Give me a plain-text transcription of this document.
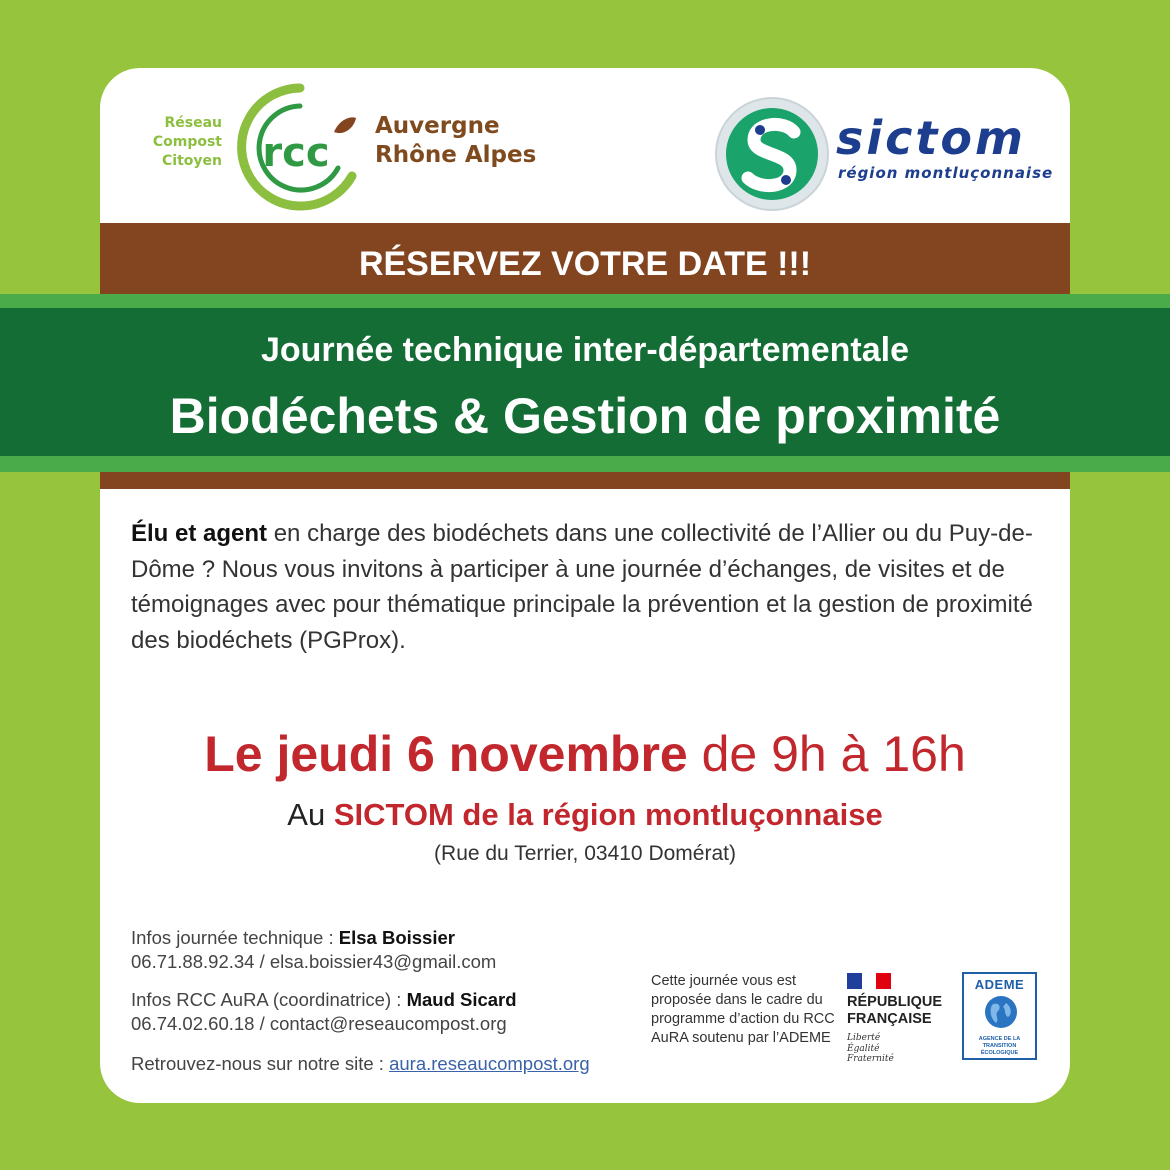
Réseau
Compost
Citoyen rcc
Auvergne
Rhône Alpes	sictom
région montluçonnaise
RÉSERVEZ VOTRE DATE !!!
Élu et agent en charge des biodéchets dans une collectivité de l’Allier ou du Puy-de-Dôme ? Nous vous invitons à participer à une journée d’échanges, de visites et de témoignages avec pour thématique principale la prévention et la gestion de proximité des biodéchets (PGProx).
Le jeudi 6 novembre de 9h à 16h
Au SICTOM de la région montluçonnaise
(Rue du Terrier, 03410 Domérat)
Infos journée technique : Elsa Boissier
06.71.88.92.34 / elsa.boissier43@gmail.com
Infos RCC AuRA (coordinatrice) : Maud Sicard
06.74.02.60.18 / contact@reseaucompost.org
Retrouvez-nous sur notre site : aura.reseaucompost.org
Cette journée vous est proposée dans le cadre du programme d’action du RCC AuRA soutenu par l’ADEME
RÉPUBLIQUE
FRANÇAISE
Liberté
Égalité
Fraternité
ADEME
AGENCE DE LA
TRANSITION
ÉCOLOGIQUE
Journée technique inter-départementale
Biodéchets & Gestion de proximité
